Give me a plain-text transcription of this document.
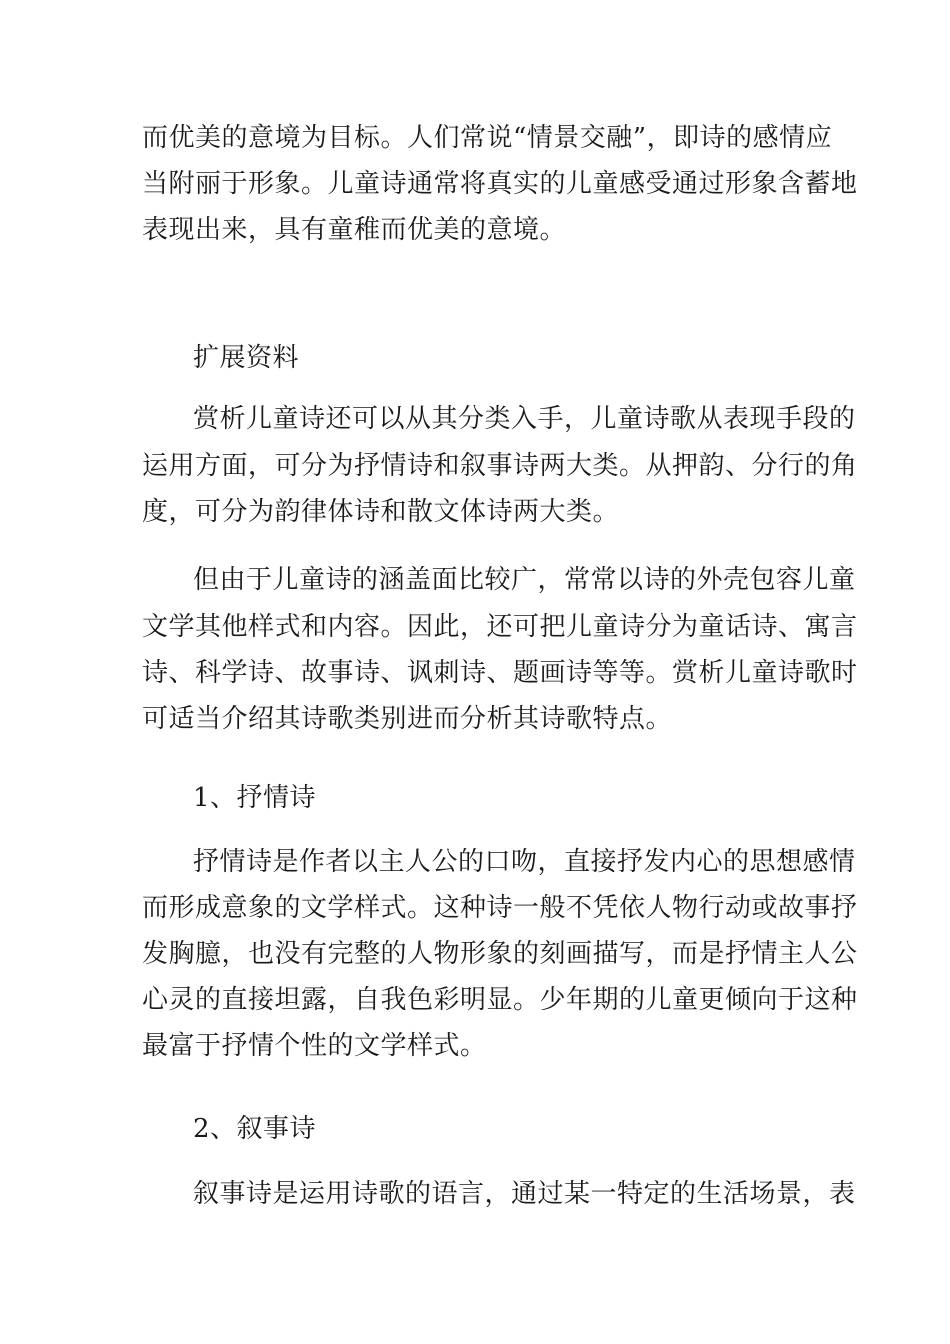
而优美的意境为目标。人们常说“情景交融”，即诗的感情应
当附丽于形象。儿童诗通常将真实的儿童感受通过形象含蓄地
表现出来，具有童稚而优美的意境。
扩展资料
赏析儿童诗还可以从其分类入手，儿童诗歌从表现手段的
运用方面，可分为抒情诗和叙事诗两大类。从押韵、分行的角
度，可分为韵律体诗和散文体诗两大类。
但由于儿童诗的涵盖面比较广，常常以诗的外壳包容儿童
文学其他样式和内容。因此，还可把儿童诗分为童话诗、寓言
诗、科学诗、故事诗、讽刺诗、题画诗等等。赏析儿童诗歌时
可适当介绍其诗歌类别进而分析其诗歌特点。
1、抒情诗
抒情诗是作者以主人公的口吻，直接抒发内心的思想感情
而形成意象的文学样式。这种诗一般不凭依人物行动或故事抒
发胸臆，也没有完整的人物形象的刻画描写，而是抒情主人公
心灵的直接坦露，自我色彩明显。少年期的儿童更倾向于这种
最富于抒情个性的文学样式。
2、叙事诗
叙事诗是运用诗歌的语言，通过某一特定的生活场景，表
